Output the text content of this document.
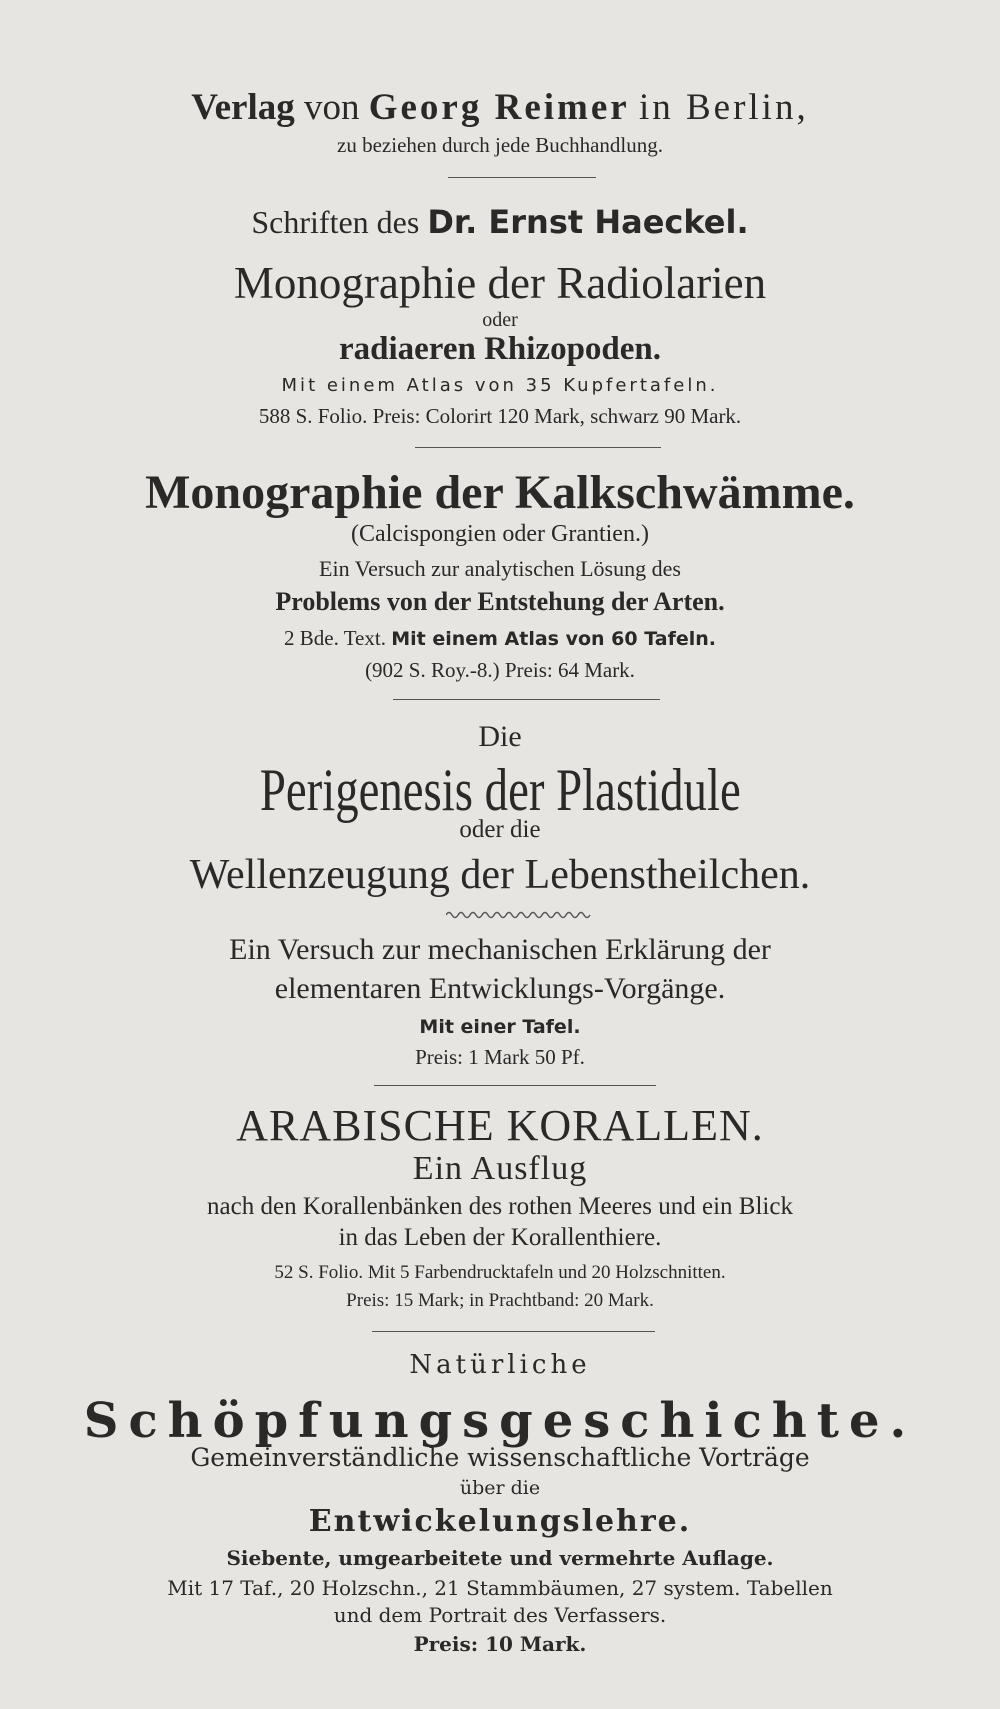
Verlag von Georg Reimer in Berlin,
zu beziehen durch jede Buchhandlung.
Schriften des Dr. Ernst Haeckel.
Monographie der Radiolarien
oder
radiaeren Rhizopoden.
Mit einem Atlas von 35 Kupfertafeln.
588 S. Folio. Preis: Colorirt 120 Mark, schwarz 90 Mark.
Monographie der Kalkschwämme.
(Calcispongien oder Grantien.)
Ein Versuch zur analytischen Lösung des
Problems von der Entstehung der Arten.
2 Bde. Text. Mit einem Atlas von 60 Tafeln.
(902 S. Roy.-8.) Preis: 64 Mark.
Die
Perigenesis der Plastidule
oder die
Wellenzeugung der Lebenstheilchen.
Ein Versuch zur mechanischen Erklärung der
elementaren Entwicklungs-Vorgänge.
Mit einer Tafel.
Preis: 1 Mark 50 Pf.
ARABISCHE KORALLEN.
Ein Ausflug
nach den Korallenbänken des rothen Meeres und ein Blick
in das Leben der Korallenthiere.
52 S. Folio. Mit 5 Farbendrucktafeln und 20 Holzschnitten.
Preis: 15 Mark; in Prachtband: 20 Mark.
Natürliche
Schöpfungsgeschichte.
Gemeinverständliche wissenschaftliche Vorträge
über die
Entwickelungslehre.
Siebente, umgearbeitete und vermehrte Auflage.
Mit 17 Taf., 20 Holzschn., 21 Stammbäumen, 27 system. Tabellen
und dem Portrait des Verfassers.
Preis: 10 Mark.
